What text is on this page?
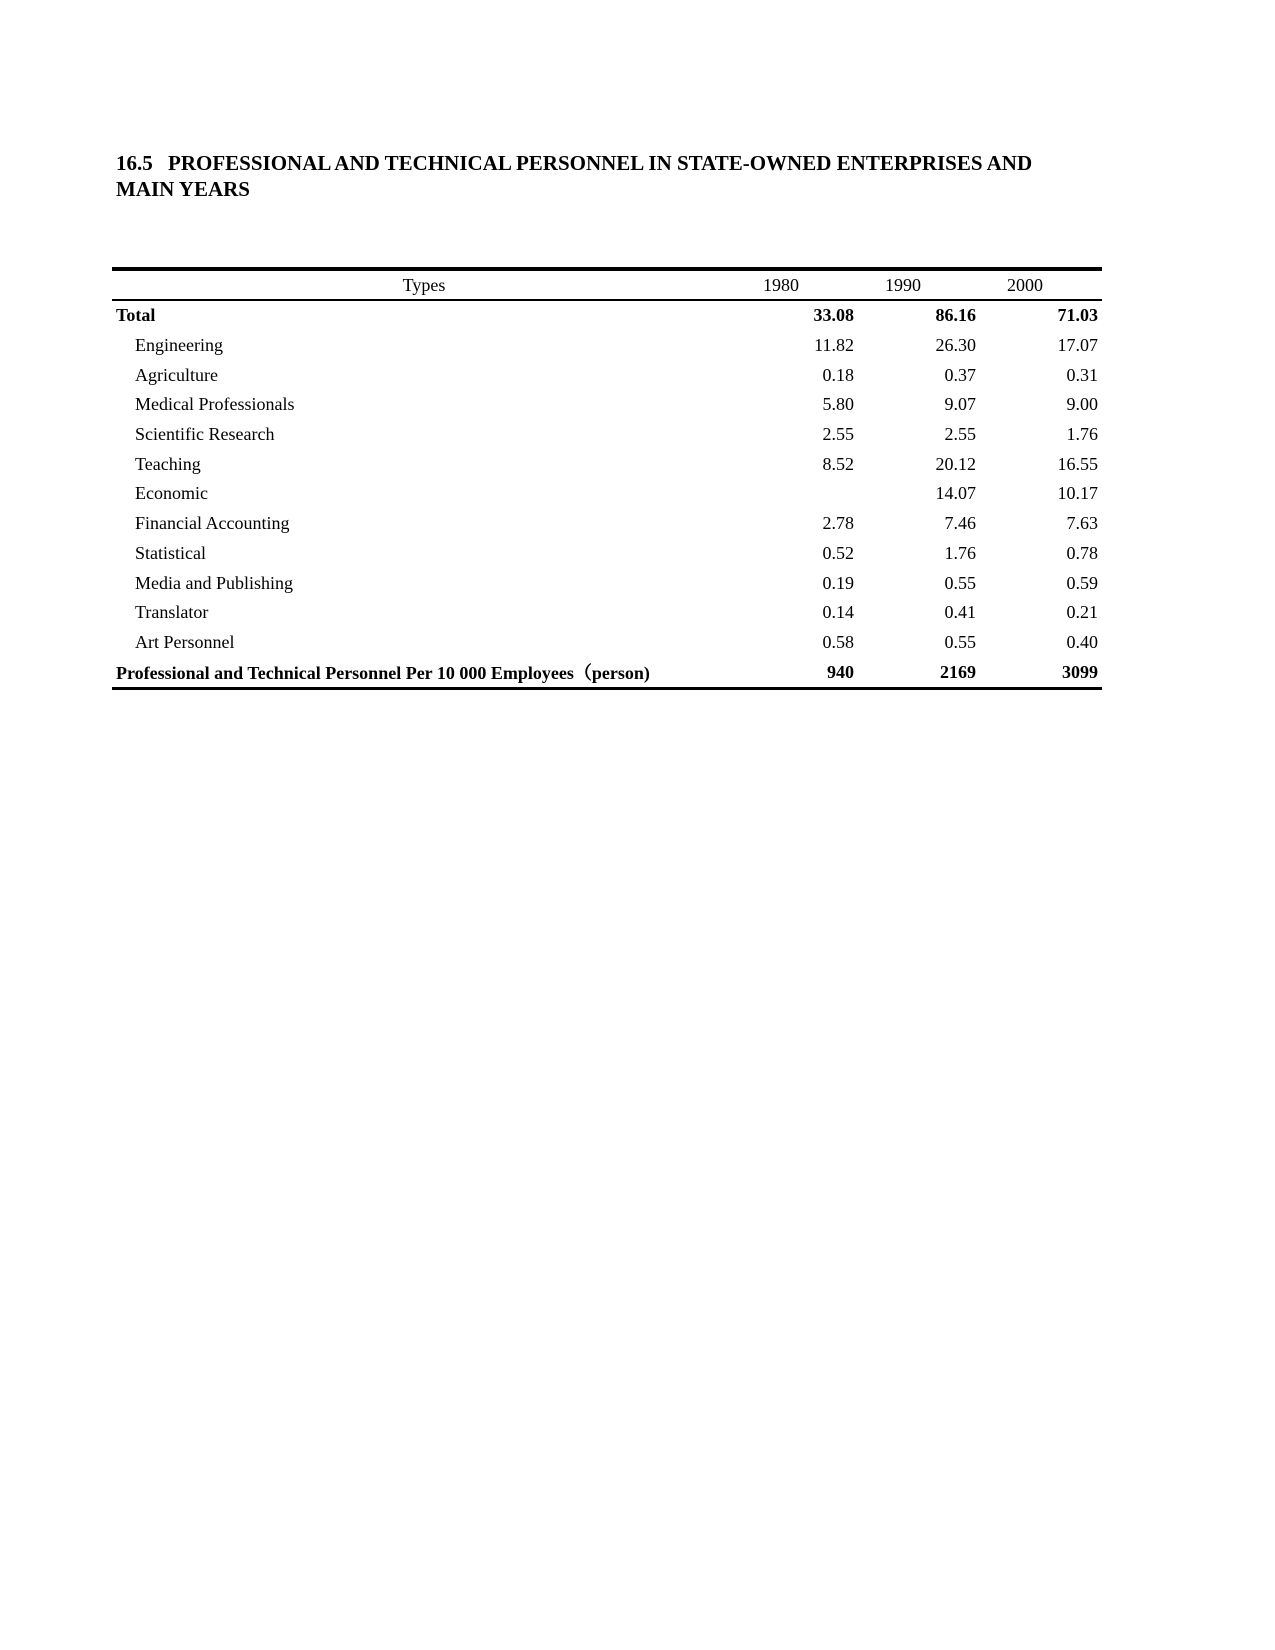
16.5 PROFESSIONAL AND TECHNICAL PERSONNEL IN STATE-OWNED ENTERPRISES AND
MAIN YEARS
Types	1980	1990	2000
Total	33.08	86.16	71.03
Engineering	11.82	26.30	17.07
Agriculture	0.18	0.37	0.31
Medical Professionals	5.80	9.07	9.00
Scientific Research	2.55	2.55	1.76
Teaching	8.52	20.12	16.55
Economic		14.07	10.17
Financial Accounting	2.78	7.46	7.63
Statistical	0.52	1.76	0.78
Media and Publishing	0.19	0.55	0.59
Translator	0.14	0.41	0.21
Art Personnel	0.58	0.55	0.40
Professional and Technical Personnel Per 10 000 Employees（person)	940	2169	3099
